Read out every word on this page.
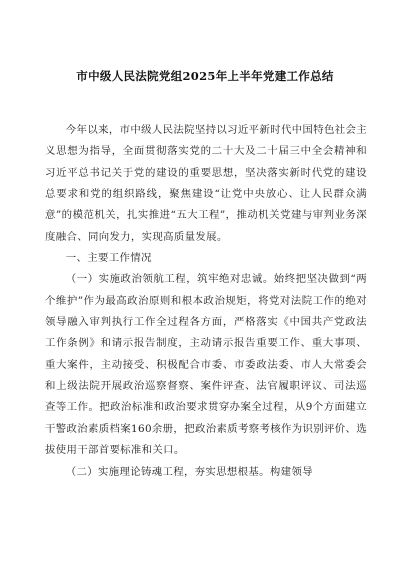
市中级人民法院党组2025年上半年党建工作总结

今年以来，市中级人民法院坚持以习近平新时代中国特色社会主义思想为指导，全面贯彻落实党的二十大及二十届三中全会精神和习近平总书记关于党的建设的重要思想，坚决落实新时代党的建设总要求和党的组织路线，聚焦建设“让党中央放心、让人民群众满意”的模范机关，扎实推进“五大工程”，推动机关党建与审判业务深度融合、同向发力，实现高质量发展。

一、主要工作情况

（一）实施政治领航工程，筑牢绝对忠诚。始终把坚决做到“两个维护”作为最高政治原则和根本政治规矩，将党对法院工作的绝对领导融入审判执行工作全过程各方面，严格落实《中国共产党政法工作条例》和请示报告制度，主动请示报告重要工作、重大事项、重大案件，主动接受、积极配合市委、市委政法委、市人大常委会和上级法院开展政治巡察督察、案件评查、法官履职评议、司法巡查等工作。把政治标准和政治要求贯穿办案全过程，从9个方面建立干警政治素质档案160余册，把政治素质考察考核作为识别评价、选拔使用干部首要标准和关口。

（二）实施理论铸魂工程，夯实思想根基。构建领导
